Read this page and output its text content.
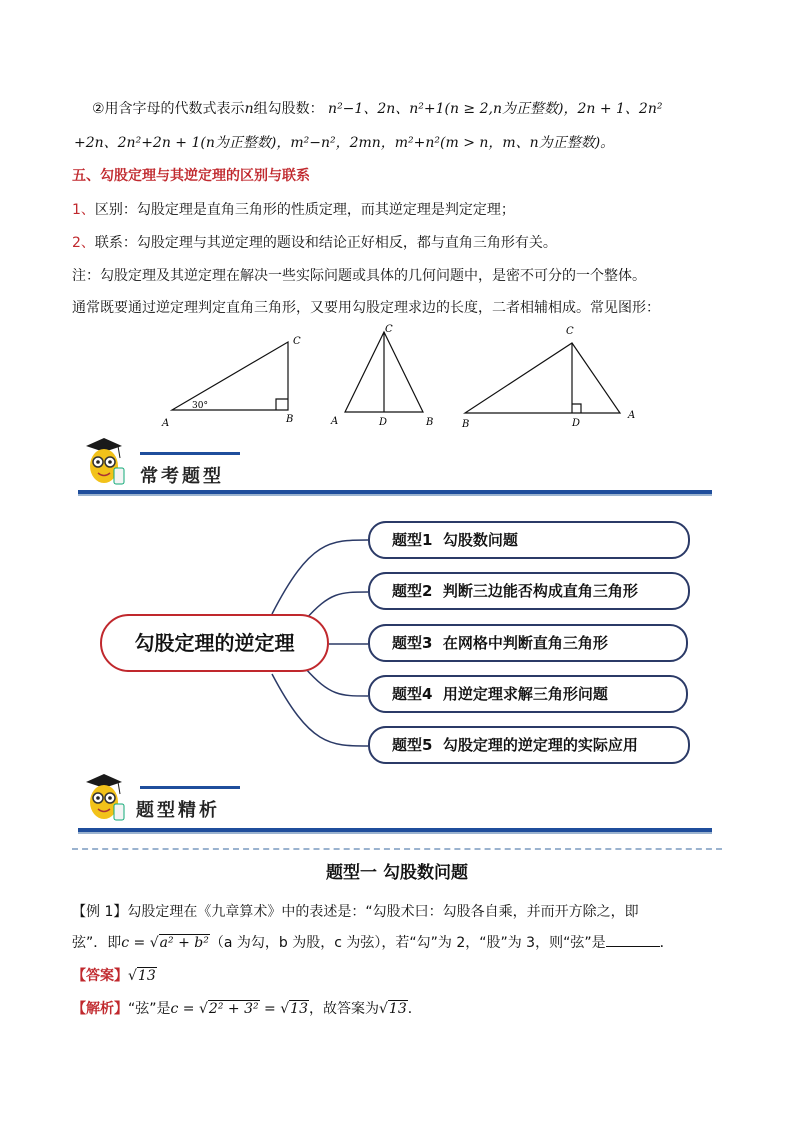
②用含字母的代数式表示n组勾股数： n²−1、2n、n²+1(n ≥ 2,n为正整数)，2n + 1、2n²
+2n、2n²+2n + 1(n为正整数)，m²−n²，2mn，m²+n²(m > n，m、n为正整数)。
五、勾股定理与其逆定理的区别与联系
1、区别：勾股定理是直角三角形的性质定理，而其逆定理是判定定理；
2、联系：勾股定理与其逆定理的题设和结论正好相反，都与直角三角形有关。
注：勾股定理及其逆定理在解决一些实际问题或具体的几何问题中，是密不可分的一个整体。
通常既要通过逆定理判定直角三角形，又要用勾股定理求边的长度，二者相辅相成。常见图形：
A	B
C
30°
A	D	B
C
B	D
A
C
常考题型
勾股定理的逆定理
题型1 勾股数问题
题型2 判断三边能否构成直角三角形
题型3 在网格中判断直角三角形
题型4 用逆定理求解三角形问题
题型5 勾股定理的逆定理的实际应用
题型精析
题型一 勾股数问题
【例 1】勾股定理在《九章算术》中的表述是：“勾股术曰：勾股各自乘，并而开方除之，即
弦”．即c = √a² + b²（a 为勾，b 为股，c 为弦），若“勾”为 2，“股”为 3，则“弦”是	．
【答案】√13
【解析】“弦”是c = √2² + 3² = √13，故答案为√13．
